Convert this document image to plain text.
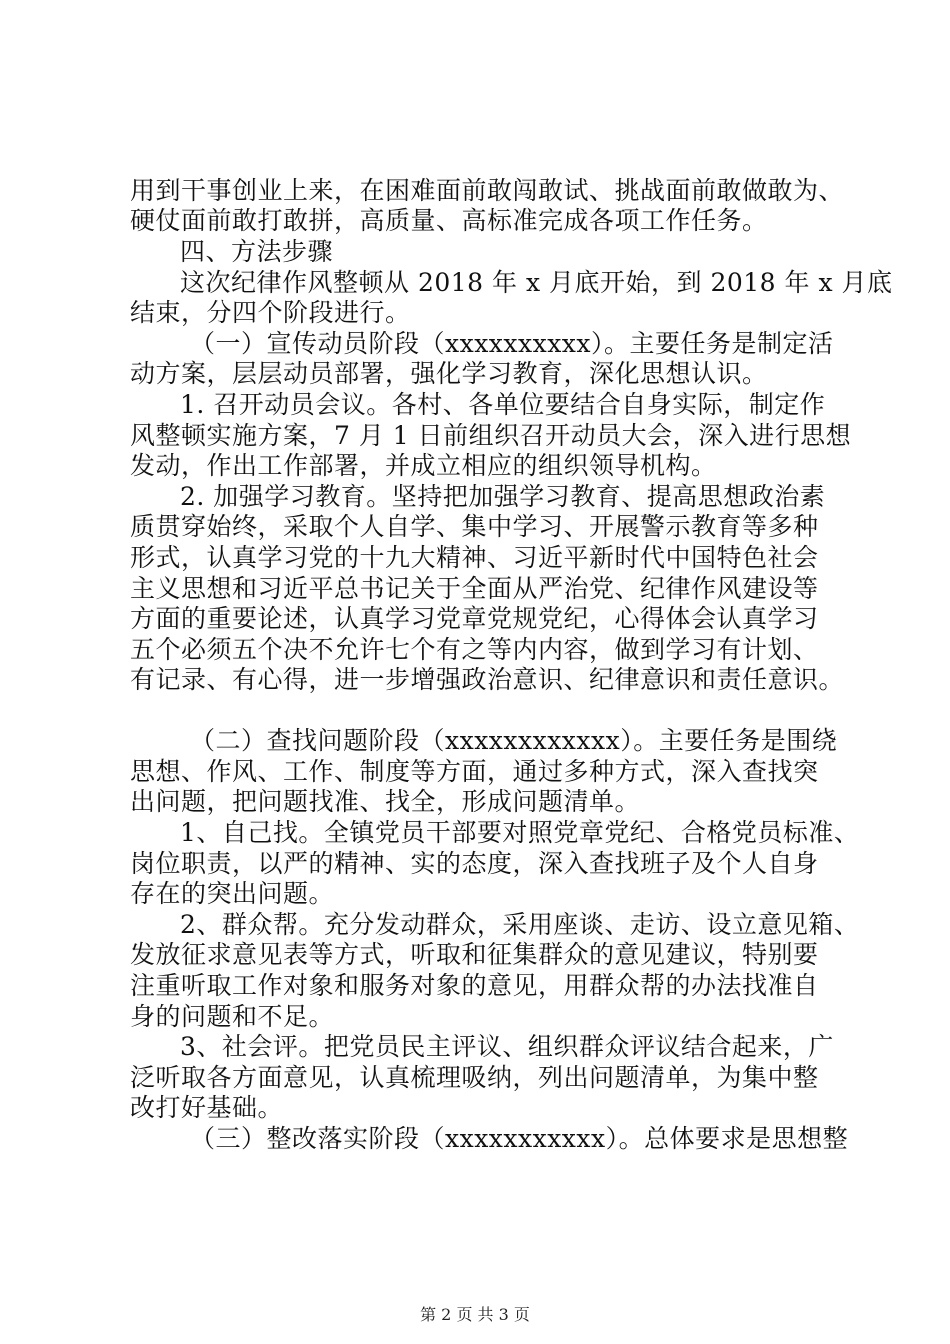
用到干事创业上来，在困难面前敢闯敢试、挑战面前敢做敢为、
硬仗面前敢打敢拼，高质量、高标准完成各项工作任务。
四、方法步骤
这次纪律作风整顿从 2018 年 x 月底开始，到 2018 年 x 月底
结束，分四个阶段进行。
（一）宣传动员阶段（xxxxxxxxxx）。主要任务是制定活
动方案，层层动员部署，强化学习教育，深化思想认识。
1. 召开动员会议。各村、各单位要结合自身实际，制定作
风整顿实施方案，7 月 1 日前组织召开动员大会，深入进行思想
发动，作出工作部署，并成立相应的组织领导机构。
2. 加强学习教育。坚持把加强学习教育、提高思想政治素
质贯穿始终，采取个人自学、集中学习、开展警示教育等多种
形式，认真学习党的十九大精神、习近平新时代中国特色社会
主义思想和习近平总书记关于全面从严治党、纪律作风建设等
方面的重要论述，认真学习党章党规党纪，心得体会认真学习
五个必须五个决不允许七个有之等内内容，做到学习有计划、
有记录、有心得，进一步增强政治意识、纪律意识和责任意识。
（二）查找问题阶段（xxxxxxxxxxxx）。主要任务是围绕
思想、作风、工作、制度等方面，通过多种方式，深入查找突
出问题，把问题找准、找全，形成问题清单。
1、自己找。全镇党员干部要对照党章党纪、合格党员标准、
岗位职责，以严的精神、实的态度，深入查找班子及个人自身
存在的突出问题。
2、群众帮。充分发动群众，采用座谈、走访、设立意见箱、
发放征求意见表等方式，听取和征集群众的意见建议，特别要
注重听取工作对象和服务对象的意见，用群众帮的办法找准自
身的问题和不足。
3、社会评。把党员民主评议、组织群众评议结合起来，广
泛听取各方面意见，认真梳理吸纳，列出问题清单，为集中整
改打好基础。
（三）整改落实阶段（xxxxxxxxxxx）。总体要求是思想整
第 2 页 共 3 页
